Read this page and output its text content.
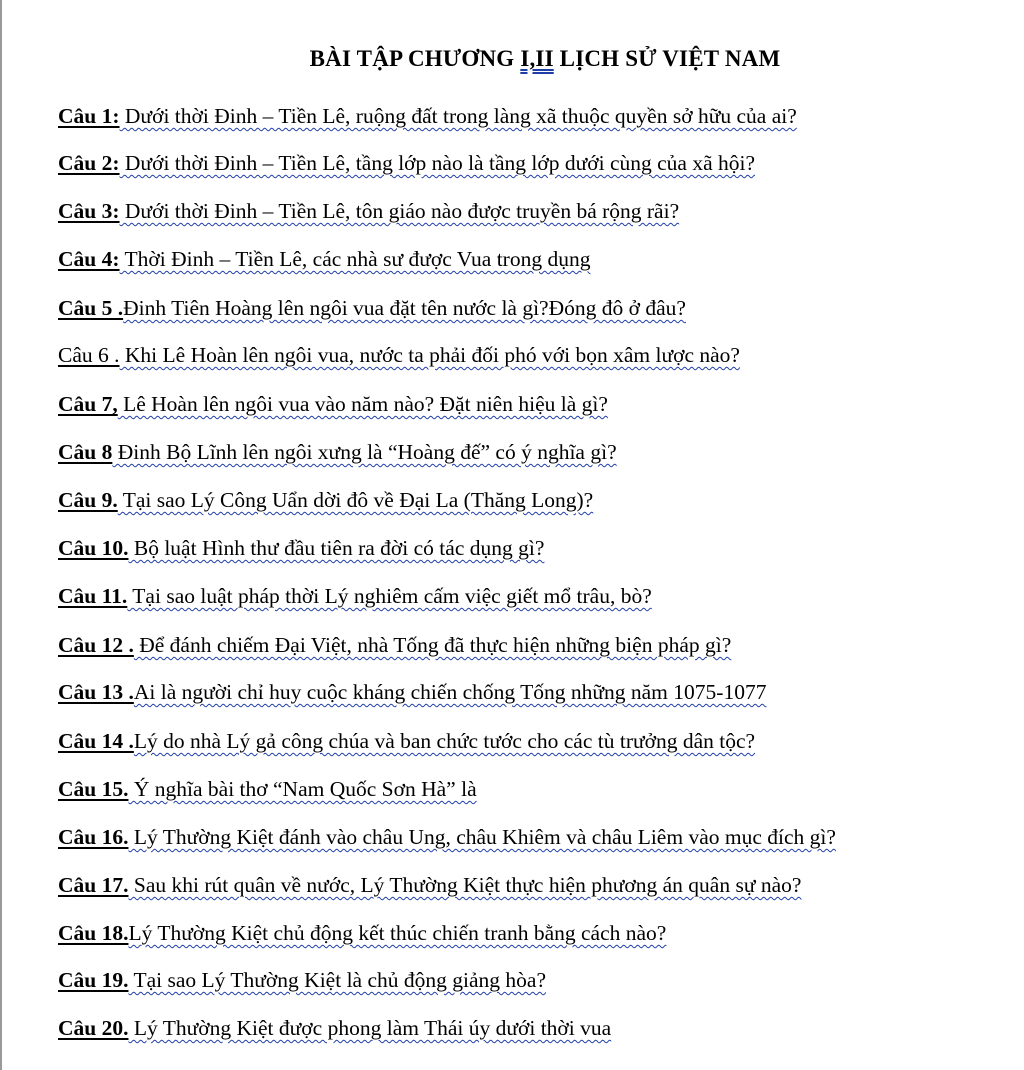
BÀI TẬP CHƯƠNG I,II LỊCH SỬ VIỆT NAM
Câu 1: Dưới thời Đinh – Tiền Lê, ruộng đất trong làng xã thuộc quyền sở hữu của ai?
Câu 2: Dưới thời Đinh – Tiền Lê, tầng lớp nào là tầng lớp dưới cùng của xã hội?
Câu 3: Dưới thời Đinh – Tiền Lê, tôn giáo nào được truyền bá rộng rãi?
Câu 4: Thời Đinh – Tiền Lê, các nhà sư được Vua trong dụng
Câu 5 .Đinh Tiên Hoàng lên ngôi vua đặt tên nước là gì?Đóng đô ở đâu?
Câu 6 . Khi Lê Hoàn lên ngôi vua, nước ta phải đối phó với bọn xâm lược nào?
Câu 7, Lê Hoàn lên ngôi vua vào năm nào? Đặt niên hiệu là gì?
Câu 8 Đinh Bộ Lĩnh lên ngôi xưng là “Hoàng đế” có ý nghĩa gì?
Câu 9. Tại sao Lý Công Uẩn dời đô về Đại La (Thăng Long)?
Câu 10. Bộ luật Hình thư đầu tiên ra đời có tác dụng gì?
Câu 11. Tại sao luật pháp thời Lý nghiêm cấm việc giết mổ trâu, bò?
Câu 12 . Để đánh chiếm Đại Việt, nhà Tống đã thực hiện những biện pháp gì?
Câu 13 .Ai là người chỉ huy cuộc kháng chiến chống Tống những năm 1075-1077
Câu 14 .Lý do nhà Lý gả công chúa và ban chức tước cho các tù trưởng dân tộc?
Câu 15. Ý nghĩa bài thơ “Nam Quốc Sơn Hà” là
Câu 16. Lý Thường Kiệt đánh vào châu Ung, châu Khiêm và châu Liêm vào mục đích gì?
Câu 17. Sau khi rút quân về nước, Lý Thường Kiệt thực hiện phương án quân sự nào?
Câu 18.Lý Thường Kiệt chủ động kết thúc chiến tranh bằng cách nào?
Câu 19. Tại sao Lý Thường Kiệt là chủ động giảng hòa?
Câu 20. Lý Thường Kiệt được phong làm Thái úy dưới thời vua
